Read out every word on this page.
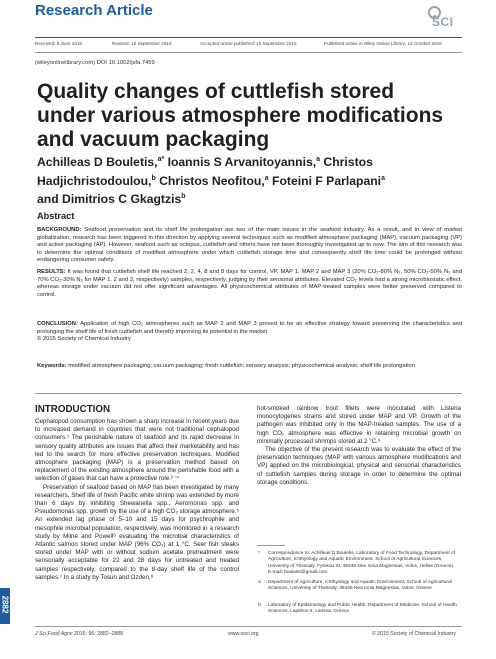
Research Article
SCI
Received: 6 June 2015	Revised: 10 September 2015	Accepted article published: 15 September 2015	Published online in Wiley Online Library: 13 October 2015
(wileyonlinelibrary.com) DOI 10.1002/jsfa.7459
Quality changes of cuttlefish stored under various atmosphere modifications and vacuum packaging
Achilleas D Bouletis,$^{a*}$ Ioannis S Arvanitoyannis,$^a$ Christos Hadjichristodoulou,$^b$ Christos Neofitou,$^a$ Foteini F Parlapani$^a$
and Dimitrios C Gkagtzis$^b$
Abstract
BACKGROUND: Seafood preservation and its shelf life prolongation are two of the main issues in the seafood industry. As a result, and in view of market globalization, research has been triggered in this direction by applying several techniques such as modified atmosphere packaging (MAP), vacuum packaging (VP) and active packaging (AP). However, seafood such as octopus, cuttlefish and others have not been thoroughly investigated up to now. The aim of this research was to determine the optimal conditions of modified atmosphere under which cuttlefish storage time and consequently shelf life time could be prolonged without endangering consumer safety.
RESULTS: It was found that cuttlefish shelf life reached 2, 2, 4, 8 and 8 days for control, VP, MAP 1, MAP 2 and MAP 3 (20% CO₂-80% N₂, 50% CO₂-50% N₂ and 70% CO₂-30% N₂ for MAP 1, 2 and 3, respectively) samples, respectively, judging by their sensorial attributes. Elevated CO₂ levels had a strong microbiostatic effect, whereas storage under vacuum did not offer significant advantages. All physicochemical attributes of MAP-treated samples were better preserved compared to control.
CONCLUSION: Application of high CO₂ atmospheres such as MAP 2 and MAP 3 proved to be an effective strategy toward preserving the characteristics and prolonging the shelf life of fresh cuttlefish and thereby improving its potential in the market.
© 2015 Society of Chemical Industry
Keywords: modified atmosphere packaging; vacuum packaging; fresh cuttlefish; sensory analysis; physicochemical analysis; shelf life prolongation
INTRODUCTION

Cephalopod consumption has shown a sharp increase in recent years due to increased demand in countries that were not traditional cephalopod consumers.¹ The perishable nature of seafood and its rapid decrease in sensory quality attributes are issues that affect their marketability and has led to the search for more effective preservation techniques. Modified atmosphere packaging (MAP) is a preservation method based on replacement of the existing atmosphere around the perishable food with a selection of gases that can have a protective role.²⁻⁴

Preservation of seafood based on MAP has been investigated by many researchers. Shelf life of fresh Pacific white shrimp was extended by more than 6 days by inhibiting Shewanella spp., Aeromonas spp. and Pseudomonas spp. growth by the use of a high CO₂ storage atmosphere.⁵ An extended lag phase of 5–10 and 15 days for psychrophile and mesophile microbial population, respectively, was monitored in a research study by Milne and Powell⁶ evaluating the microbial characteristics of Atlantic salmon stored under MAP (96% CO₂) at 1 °C. Seer fish steaks stored under MAP with or without sodium acetate pretreatment were sensorially acceptable for 22 and 28 days for untreated and treated samples respectively, compared to the 8-day shelf life of the control samples.⁷ In a study by Tosun and Ozden,⁸

hot-smoked rainbow trout fillets were inoculated with Listeria monocytogenes strains and stored under MAP and VP. Growth of the pathogen was inhibited only in the MAP-treated samples. The use of a high CO₂ atmosphere was effective in retaining microbial growth on minimally processed shrimps stored at 2 °C.⁹

The objective of the present research was to evaluate the effect of the preservation techniques (MAP with various atmosphere modifications and VP) applied on the microbiological, physical and sensorial characteristics of cuttlefish samples during storage in order to determine the optimal storage conditions.

*	Correspondence to: Achilleas D Bouletis, Laboratory of Food Technology, Department of Agriculture, Ichthyology and Aquatic Environment, School of Agricultural Sciences, University of Thessaly, Fytokou St, 38446 Nea Ionia Magnesias, Volos, Hellas (Greece). E-mail: bouletis@gmail.com
a	Department of Agriculture, Ichthyology and Aquatic Environment, School of Agricultural Sciences, University of Thessaly, 38446 Nea Ionia Magnesias, Volos, Greece
b	Laboratory of Epidemiology and Public Health, Department of Medicine, School of Health Sciences, Lapithon 6, Larissa, Greece
2882
J Sci Food Agric 2016; 96: 2882–2888	www.soci.org	© 2015 Society of Chemical Industry
